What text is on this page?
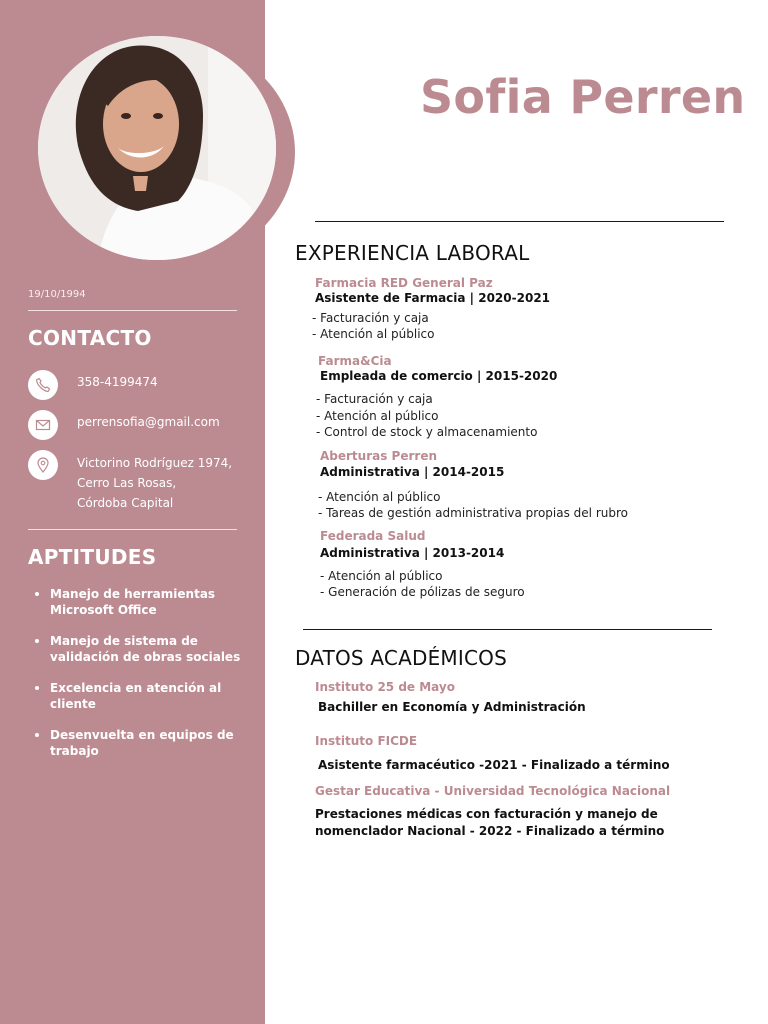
19/10/1994
CONTACTO
358-4199474
perrensofia@gmail.com
Victorino Rodríguez 1974,
Cerro Las Rosas,
Córdoba Capital
APTITUDES
Manejo de herramientas Microsoft Office
Manejo de sistema de validación de obras sociales
Excelencia en atención al cliente
Desenvuelta en equipos de trabajo
Sofia Perren
EXPERIENCIA LABORAL
Farmacia RED General Paz
Asistente de Farmacia | 2020-2021
- Facturación y caja
- Atención al público
Farma&Cia
Empleada de comercio | 2015-2020
- Facturación y caja
- Atención al público
- Control de stock y almacenamiento
Aberturas Perren
Administrativa | 2014-2015
- Atención al público
- Tareas de gestión administrativa propias del rubro
Federada Salud
Administrativa | 2013-2014
- Atención al público
- Generación de pólizas de seguro
DATOS ACADÉMICOS
Instituto 25 de Mayo
Bachiller en Economía y Administración
Instituto FICDE
Asistente farmacéutico -2021 - Finalizado a término
Gestar Educativa - Universidad Tecnológica Nacional
Prestaciones médicas con facturación y manejo de nomenclador Nacional - 2022 - Finalizado a término
